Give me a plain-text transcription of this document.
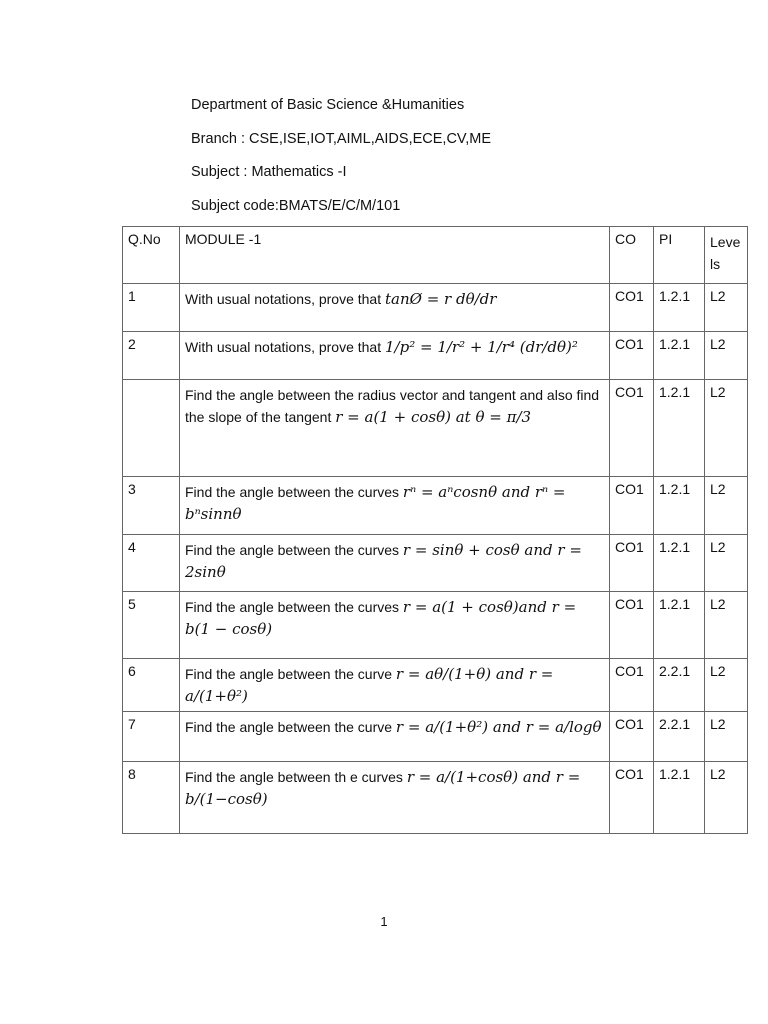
Department of Basic Science &Humanities
Branch : CSE,ISE,IOT,AIML,AIDS,ECE,CV,ME
Subject : Mathematics -I
Subject code:BMATS/E/C/M/101
Q.No	MODULE -1	CO	PI	Levels
1	With usual notations, prove that tanØ = r dθ/dr	CO1	1.2.1	L2
2	With usual notations, prove that 1/p² = 1/r² + 1/r⁴ (dr/dθ)²	CO1	1.2.1	L2
	Find the angle between the radius vector and tangent and also find the slope of the tangent r = a(1 + cosθ) at θ = π/3	CO1	1.2.1	L2
3	Find the angle between the curves rⁿ = aⁿcosnθ and rⁿ = bⁿsinnθ	CO1	1.2.1	L2
4	Find the angle between the curves r = sinθ + cosθ and r = 2sinθ	CO1	1.2.1	L2
5	Find the angle between the curves r = a(1 + cosθ)and r = b(1 − cosθ)	CO1	1.2.1	L2
6	Find the angle between the curve r = aθ/(1+θ) and r = a/(1+θ²)	CO1	2.2.1	L2
7	Find the angle between the curve r = a/(1+θ²) and r = a/logθ	CO1	2.2.1	L2
8	Find the angle between th e curves r = a/(1+cosθ) and r = b/(1−cosθ)	CO1	1.2.1	L2
1
